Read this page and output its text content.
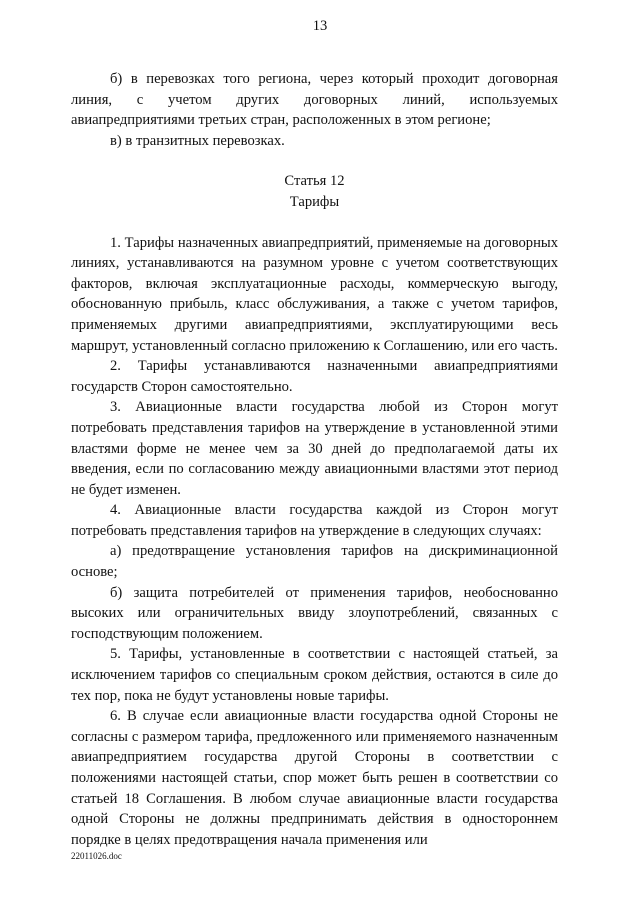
13

б) в перевозках того региона, через который проходит договорная линия, с учетом других договорных линий, используемых авиапредприятиями третьих стран, расположенных в этом регионе;

в) в транзитных перевозках.

Статья 12
Тарифы

1. Тарифы назначенных авиапредприятий, применяемые на договорных линиях, устанавливаются на разумном уровне с учетом соответствующих факторов, включая эксплуатационные расходы, коммерческую выгоду, обоснованную прибыль, класс обслуживания, а также с учетом тарифов, применяемых другими авиапредприятиями, эксплуатирующими весь маршрут, установленный согласно приложению к Соглашению, или его часть.

2. Тарифы устанавливаются назначенными авиапредприятиями государств Сторон самостоятельно.

3. Авиационные власти государства любой из Сторон могут потребовать представления тарифов на утверждение в установленной этими властями форме не менее чем за 30 дней до предполагаемой даты их введения, если по согласованию между авиационными властями этот период не будет изменен.

4. Авиационные власти государства каждой из Сторон могут потребовать представления тарифов на утверждение в следующих случаях:

а) предотвращение установления тарифов на дискриминационной основе;

б) защита потребителей от применения тарифов, необоснованно высоких или ограничительных ввиду злоупотреблений, связанных с господствующим положением.

5. Тарифы, установленные в соответствии с настоящей статьей, за исключением тарифов со специальным сроком действия, остаются в силе до тех пор, пока не будут установлены новые тарифы.

6. В случае если авиационные власти государства одной Стороны не согласны с размером тарифа, предложенного или применяемого назначенным авиапредприятием государства другой Стороны в соответствии с положениями настоящей статьи, спор может быть решен в соответствии со статьей 18 Соглашения. В любом случае авиационные власти государства одной Стороны не должны предпринимать действия в одностороннем порядке в целях предотвращения начала применения или

22011026.doc
